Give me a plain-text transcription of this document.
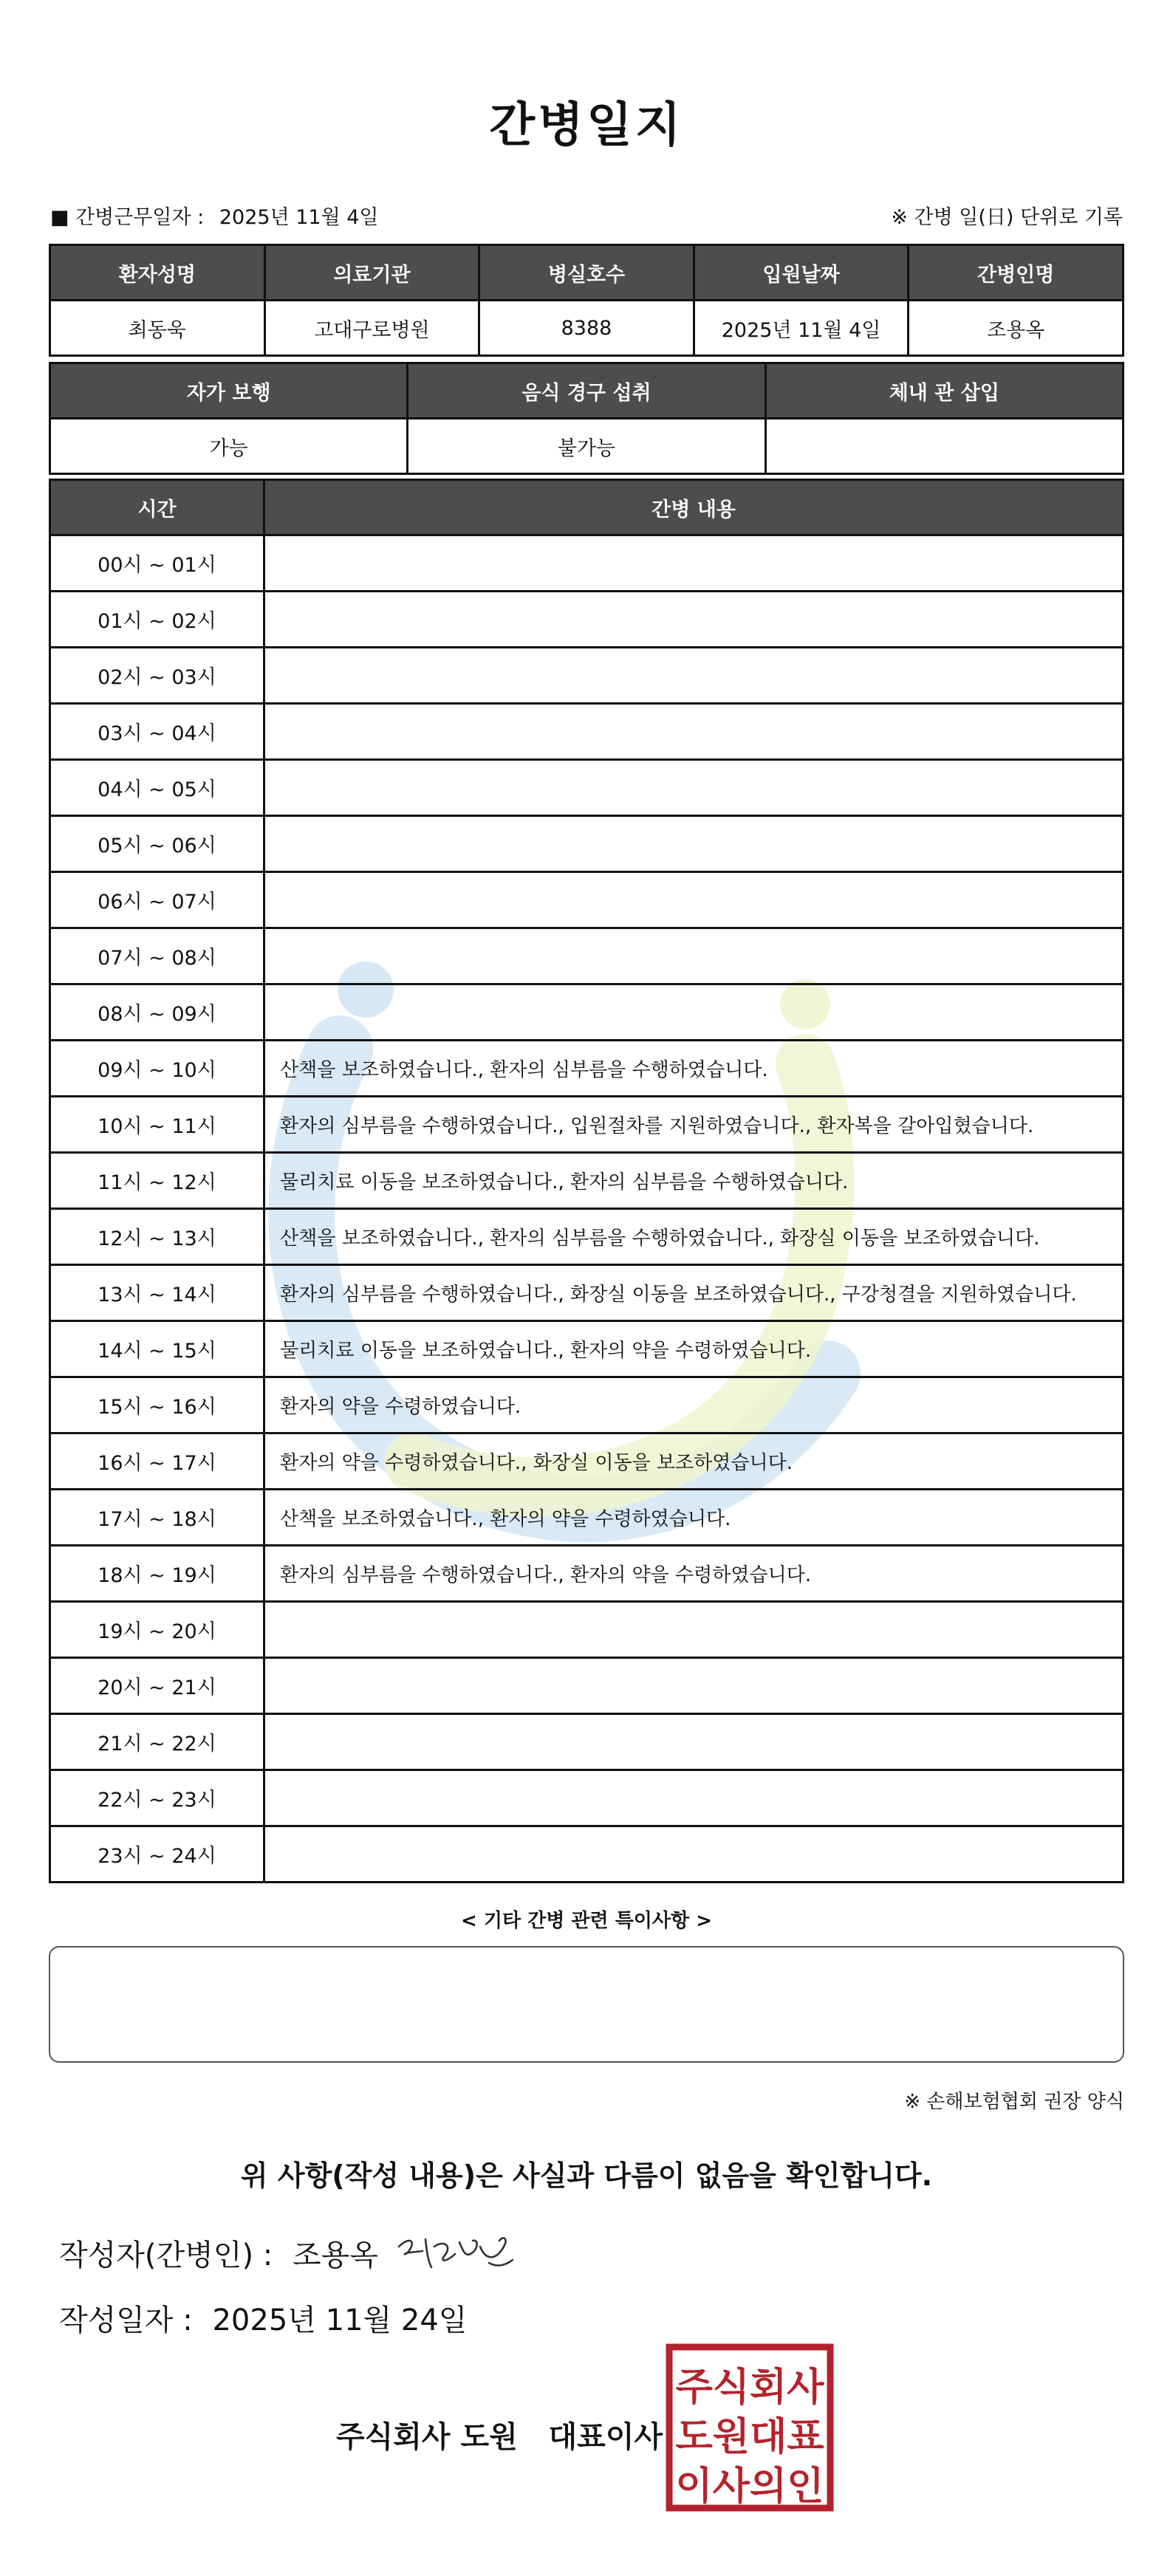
간병일지
■ 간병근무일자 : 2025년 11월 4일	※ 간병 일(日) 단위로 기록
환자성명	의료기관	병실호수	입원날짜	간병인명
최동욱	고대구로병원	8388	2025년 11월 4일	조용옥
자가 보행	음식 경구 섭취	체내 관 삽입
가능	불가능	
시간	간병 내용
00시 ~ 01시	
01시 ~ 02시	
02시 ~ 03시	
03시 ~ 04시	
04시 ~ 05시	
05시 ~ 06시	
06시 ~ 07시	
07시 ~ 08시	
08시 ~ 09시	
09시 ~ 10시	산책을 보조하였습니다., 환자의 심부름을 수행하였습니다.
10시 ~ 11시	환자의 심부름을 수행하였습니다., 입원절차를 지원하였습니다., 환자복을 갈아입혔습니다.
11시 ~ 12시	물리치료 이동을 보조하였습니다., 환자의 심부름을 수행하였습니다.
12시 ~ 13시	산책을 보조하였습니다., 환자의 심부름을 수행하였습니다., 화장실 이동을 보조하였습니다.
13시 ~ 14시	환자의 심부름을 수행하였습니다., 화장실 이동을 보조하였습니다., 구강청결을 지원하였습니다.
14시 ~ 15시	물리치료 이동을 보조하였습니다., 환자의 약을 수령하였습니다.
15시 ~ 16시	환자의 약을 수령하였습니다.
16시 ~ 17시	환자의 약을 수령하였습니다., 화장실 이동을 보조하였습니다.
17시 ~ 18시	산책을 보조하였습니다., 환자의 약을 수령하였습니다.
18시 ~ 19시	환자의 심부름을 수행하였습니다., 환자의 약을 수령하였습니다.
19시 ~ 20시	
20시 ~ 21시	
21시 ~ 22시	
22시 ~ 23시	
23시 ~ 24시	
< 기타 간병 관련 특이사항 >
※ 손해보험협회 권장 양식
위 사항(작성 내용)은 사실과 다름이 없음을 확인합니다.
작성자(간병인) : 조용옥
작성일자 : 2025년 11월 24일
주식회사 도원   대표이사
주식회사
도원대표
이사의인
